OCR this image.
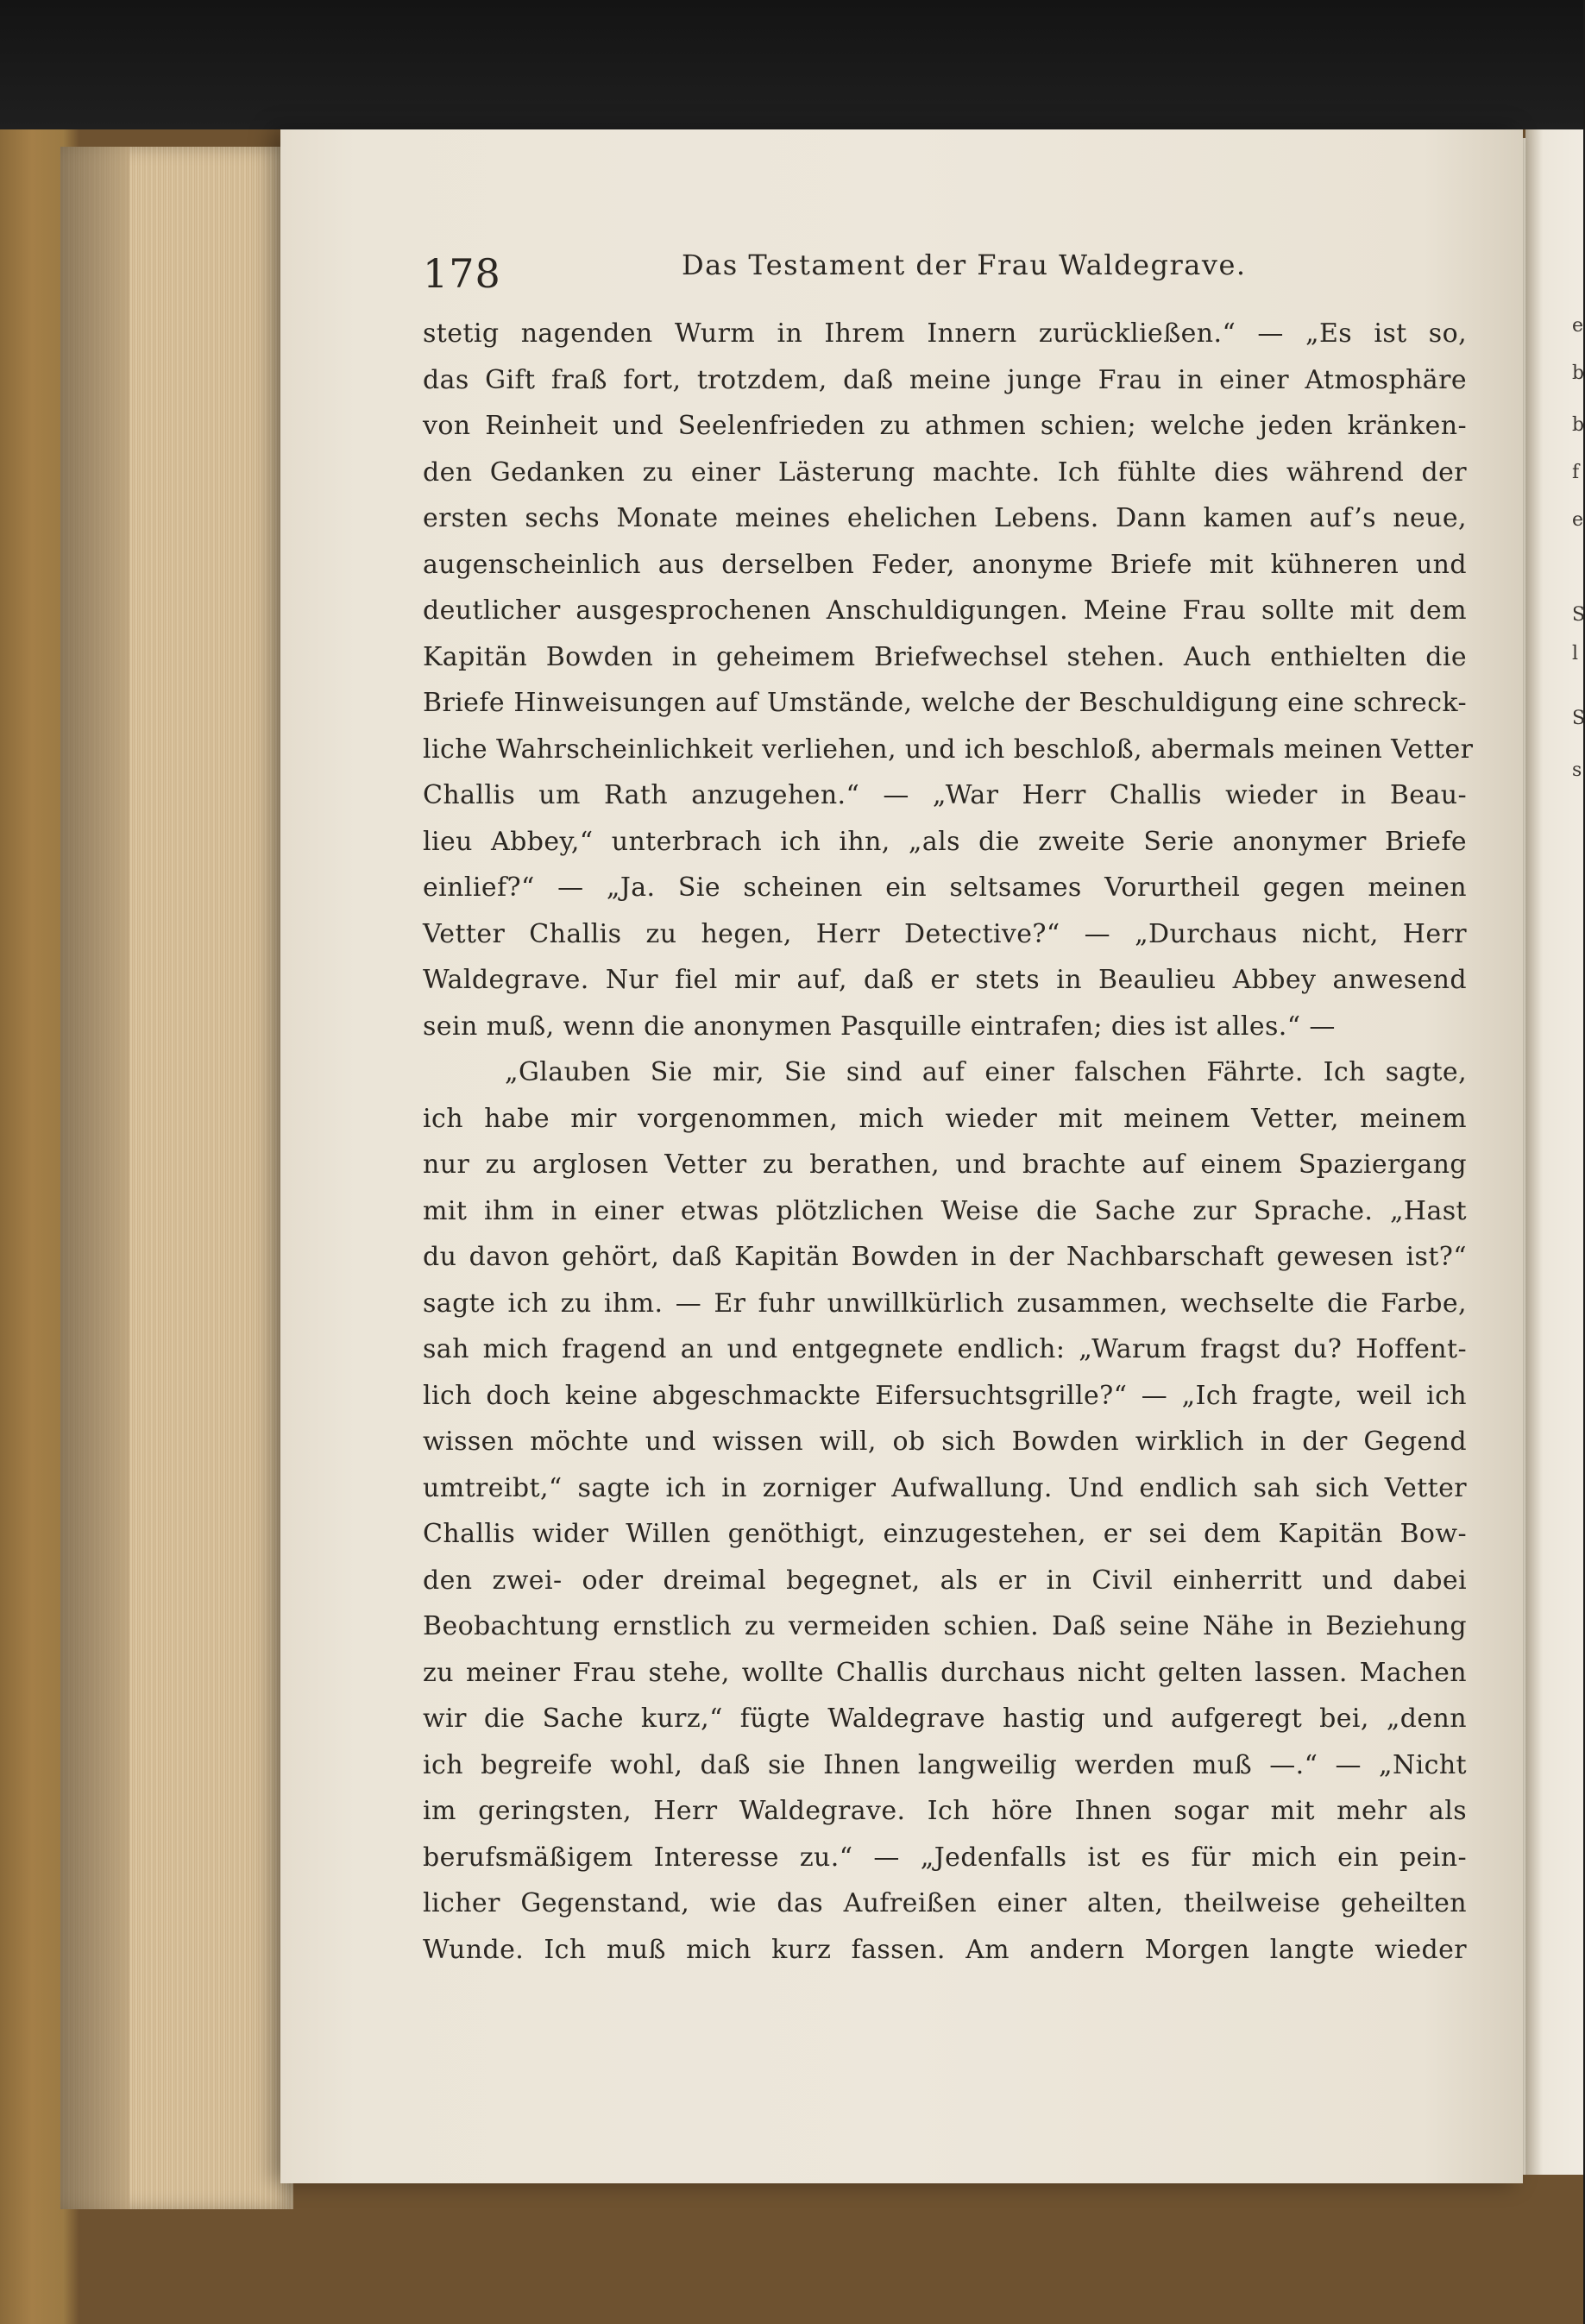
e
b
b
f
e
S
l
S
s
178	Das Testament der Frau Waldegrave.
stetig nagenden Wurm in Ihrem Innern zurückließen.“ — „Es ist so,
das Gift fraß fort, trotzdem, daß meine junge Frau in einer Atmosphäre
von Reinheit und Seelenfrieden zu athmen schien; welche jeden kränken-
den Gedanken zu einer Lästerung machte. Ich fühlte dies während der
ersten sechs Monate meines ehelichen Lebens. Dann kamen auf’s neue,
augenscheinlich aus derselben Feder, anonyme Briefe mit kühneren und
deutlicher ausgesprochenen Anschuldigungen. Meine Frau sollte mit dem
Kapitän Bowden in geheimem Briefwechsel stehen. Auch enthielten die
Briefe Hinweisungen auf Umstände, welche der Beschuldigung eine schreck-
liche Wahrscheinlichkeit verliehen, und ich beschloß, abermals meinen Vetter
Challis um Rath anzugehen.“ — „War Herr Challis wieder in Beau-
lieu Abbey,“ unterbrach ich ihn, „als die zweite Serie anonymer Briefe
einlief?“ — „Ja. Sie scheinen ein seltsames Vorurtheil gegen meinen
Vetter Challis zu hegen, Herr Detective?“ — „Durchaus nicht, Herr
Waldegrave. Nur fiel mir auf, daß er stets in Beaulieu Abbey anwesend
sein muß, wenn die anonymen Pasquille eintrafen; dies ist alles.“ —
„Glauben Sie mir, Sie sind auf einer falschen Fährte. Ich sagte,
ich habe mir vorgenommen, mich wieder mit meinem Vetter, meinem
nur zu arglosen Vetter zu berathen, und brachte auf einem Spaziergang
mit ihm in einer etwas plötzlichen Weise die Sache zur Sprache. „Hast
du davon gehört, daß Kapitän Bowden in der Nachbarschaft gewesen ist?“
sagte ich zu ihm. — Er fuhr unwillkürlich zusammen, wechselte die Farbe,
sah mich fragend an und entgegnete endlich: „Warum fragst du? Hoffent-
lich doch keine abgeschmackte Eifersuchtsgrille?“ — „Ich fragte, weil ich
wissen möchte und wissen will, ob sich Bowden wirklich in der Gegend
umtreibt,“ sagte ich in zorniger Aufwallung. Und endlich sah sich Vetter
Challis wider Willen genöthigt, einzugestehen, er sei dem Kapitän Bow-
den zwei- oder dreimal begegnet, als er in Civil einherritt und dabei
Beobachtung ernstlich zu vermeiden schien. Daß seine Nähe in Beziehung
zu meiner Frau stehe, wollte Challis durchaus nicht gelten lassen. Machen
wir die Sache kurz,“ fügte Waldegrave hastig und aufgeregt bei, „denn
ich begreife wohl, daß sie Ihnen langweilig werden muß —.“ — „Nicht
im geringsten, Herr Waldegrave. Ich höre Ihnen sogar mit mehr als
berufsmäßigem Interesse zu.“ — „Jedenfalls ist es für mich ein pein-
licher Gegenstand, wie das Aufreißen einer alten, theilweise geheilten
Wunde. Ich muß mich kurz fassen. Am andern Morgen langte wieder
